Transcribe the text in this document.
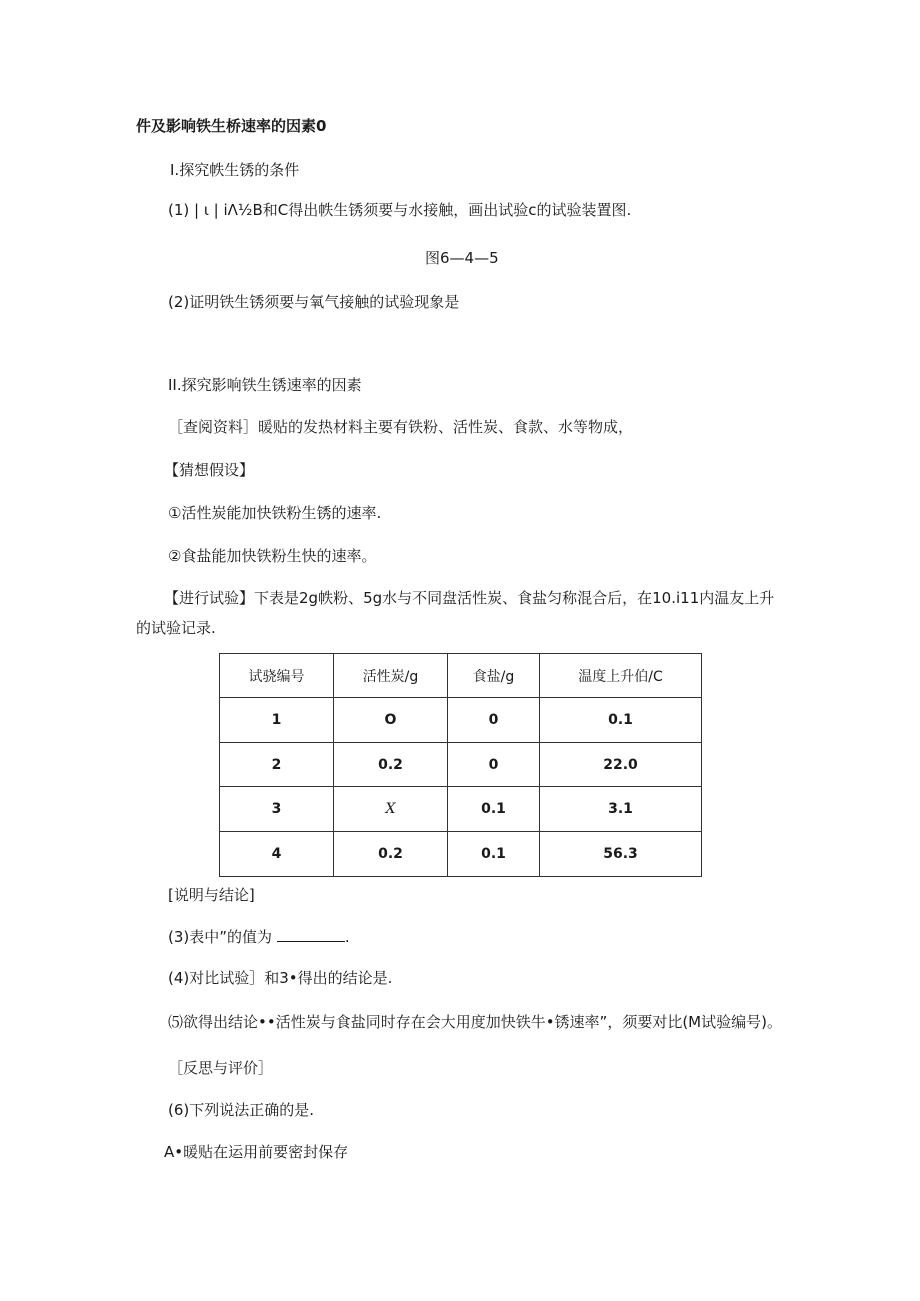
件及影响铁生桥速率的因素0
I.探究帙生锈的条件
(1) | ι | iΛ½B和C得出帙生锈须要与水接触，画出试验c的试验装置图.
图6—4—5
(2)证明铁生锈须要与氧气接触的试验现象是
II.探究影响铁生锈速率的因素
［查阅资料］暖贴的发热材料主要有铁粉、活性炭、食款、水等物成，
【猜想假设】
①活性炭能加快铁粉生锈的速率.
②食盐能加快铁粉生快的速率。
【进行试验】下表是2g帙粉、5g水与不同盘活性炭、食盐匀称混合后，在10.i11内温友上升
的试验记录.
试骁编号	活性炭/g	食盐/g	温度上升伯/C
1	O	0	0.1
2	0.2	0	22.0
3	X	0.1	3.1
4	0.2	0.1	56.3
[说明与结论]
(3)表中”的值为	.
(4)对比试验］和3•得出的结论是.
⑸欲得出结论••活性炭与食盐同时存在会大用度加快铁牛•锈速率”，须要对比(M试验编号)。
［反思与评价］
(6)下列说法正确的是.
A•暖贴在运用前要密封保存
